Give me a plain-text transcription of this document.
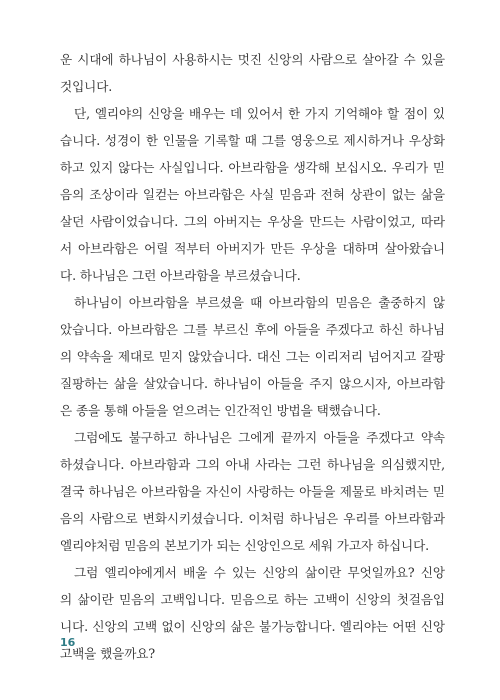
운 시대에 하나님이 사용하시는 멋진 신앙의 사람으로 살아갈 수 있을
것입니다.
단, 엘리야의 신앙을 배우는 데 있어서 한 가지 기억해야 할 점이 있
습니다. 성경이 한 인물을 기록할 때 그를 영웅으로 제시하거나 우상화
하고 있지 않다는 사실입니다. 아브라함을 생각해 보십시오. 우리가 믿
음의 조상이라 일컫는 아브라함은 사실 믿음과 전혀 상관이 없는 삶을
살던 사람이었습니다. 그의 아버지는 우상을 만드는 사람이었고, 따라
서 아브라함은 어릴 적부터 아버지가 만든 우상을 대하며 살아왔습니
다. 하나님은 그런 아브라함을 부르셨습니다.
하나님이 아브라함을 부르셨을 때 아브라함의 믿음은 출중하지 않
았습니다. 아브라함은 그를 부르신 후에 아들을 주겠다고 하신 하나님
의 약속을 제대로 믿지 않았습니다. 대신 그는 이리저리 넘어지고 갈팡
질팡하는 삶을 살았습니다. 하나님이 아들을 주지 않으시자, 아브라함
은 종을 통해 아들을 얻으려는 인간적인 방법을 택했습니다.
그럼에도 불구하고 하나님은 그에게 끝까지 아들을 주겠다고 약속
하셨습니다. 아브라함과 그의 아내 사라는 그런 하나님을 의심했지만,
결국 하나님은 아브라함을 자신이 사랑하는 아들을 제물로 바치려는 믿
음의 사람으로 변화시키셨습니다. 이처럼 하나님은 우리를 아브라함과
엘리야처럼 믿음의 본보기가 되는 신앙인으로 세워 가고자 하십니다.
그럼 엘리야에게서 배울 수 있는 신앙의 삶이란 무엇일까요? 신앙
의 삶이란 믿음의 고백입니다. 믿음으로 하는 고백이 신앙의 첫걸음입
니다. 신앙의 고백 없이 신앙의 삶은 불가능합니다. 엘리야는 어떤 신앙
고백을 했을까요?
16
